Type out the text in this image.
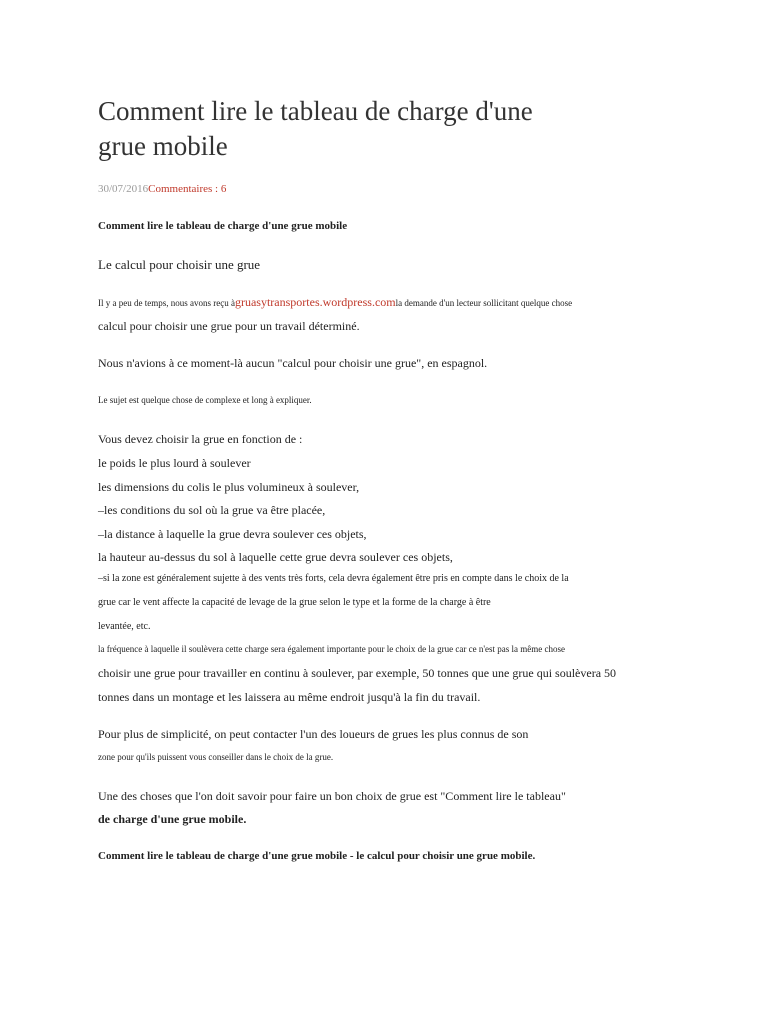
Comment lire le tableau de charge d'une
grue mobile
30/07/2016Commentaires : 6
Comment lire le tableau de charge d'une grue mobile
Le calcul pour choisir une grue
Il y a peu de temps, nous avons reçu àgruasytransportes.wordpress.comla demande d'un lecteur sollicitant quelque chose
calcul pour choisir une grue pour un travail déterminé.
Nous n'avions à ce moment-là aucun "calcul pour choisir une grue", en espagnol.
Le sujet est quelque chose de complexe et long à expliquer.
Vous devez choisir la grue en fonction de :
le poids le plus lourd à soulever
les dimensions du colis le plus volumineux à soulever,
–les conditions du sol où la grue va être placée,
–la distance à laquelle la grue devra soulever ces objets,
la hauteur au-dessus du sol à laquelle cette grue devra soulever ces objets,
–si la zone est généralement sujette à des vents très forts, cela devra également être pris en compte dans le choix de la
grue car le vent affecte la capacité de levage de la grue selon le type et la forme de la charge à être
levantée, etc.
la fréquence à laquelle il soulèvera cette charge sera également importante pour le choix de la grue car ce n'est pas la même chose
choisir une grue pour travailler en continu à soulever, par exemple, 50 tonnes que une grue qui soulèvera 50
tonnes dans un montage et les laissera au même endroit jusqu'à la fin du travail.
Pour plus de simplicité, on peut contacter l'un des loueurs de grues les plus connus de son
zone pour qu'ils puissent vous conseiller dans le choix de la grue.
Une des choses que l'on doit savoir pour faire un bon choix de grue est "Comment lire le tableau"
de charge d'une grue mobile.
Comment lire le tableau de charge d'une grue mobile - le calcul pour choisir une grue mobile.
